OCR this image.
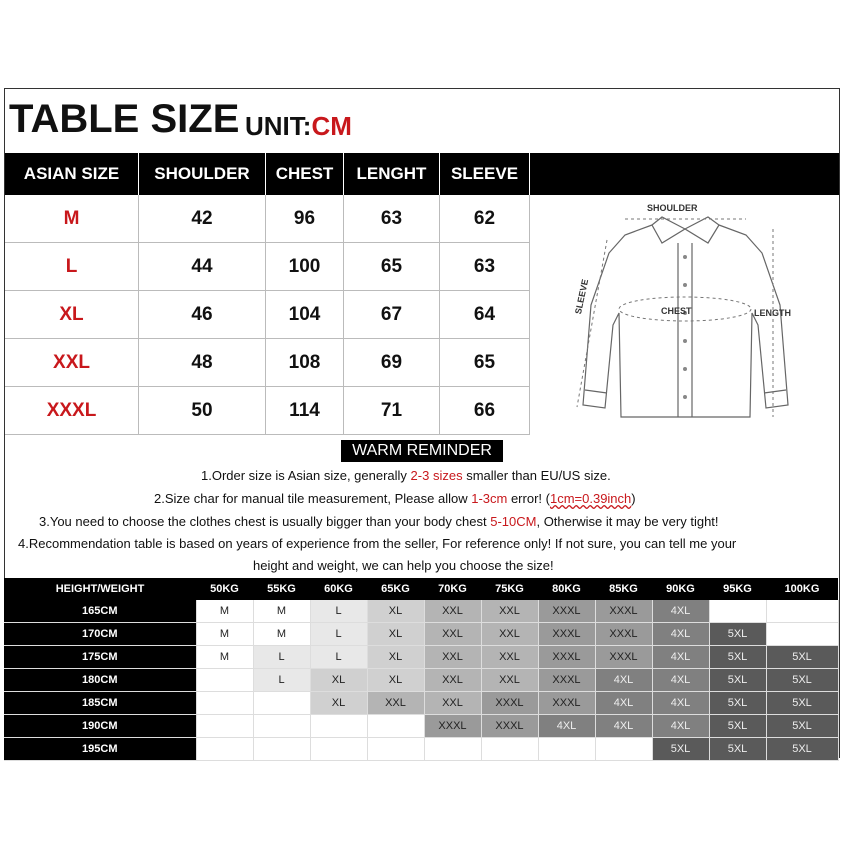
TABLE SIZE UNIT:CM
ASIAN SIZE	SHOULDER	CHEST	LENGHT	SLEEVE
M	42	96	63	62
L	44	100	65	63
XL	46	104	67	64
XXL	48	108	69	65
XXXL	50	114	71	66
SHOULDER
CHEST	LENGTH
SLEEVE
WARM REMINDER
1.Order size is Asian size, generally 2-3 sizes smaller than EU/US size.
2.Size char for manual tile measurement, Please allow 1-3cm error! (1cm=0.39inch)
3.You need to choose the clothes chest is usually bigger than your body chest 5-10CM, Otherwise it may be very tight!
4.Recommendation table is based on years of experience from the seller, For reference only! If not sure, you can tell me your
height and weight, we can help you choose the size!
HEIGHT/WEIGHT	50KG	55KG	60KG	65KG	70KG	75KG	80KG	85KG	90KG	95KG	100KG
165CM	M	M	L	XL	XXL	XXL	XXXL	XXXL	4XL		
170CM	M	M	L	XL	XXL	XXL	XXXL	XXXL	4XL	5XL	
175CM	M	L	L	XL	XXL	XXL	XXXL	XXXL	4XL	5XL	5XL
180CM		L	XL	XL	XXL	XXL	XXXL	4XL	4XL	5XL	5XL
185CM			XL	XXL	XXL	XXXL	XXXL	4XL	4XL	5XL	5XL
190CM					XXXL	XXXL	4XL	4XL	4XL	5XL	5XL
195CM									5XL	5XL	5XL
